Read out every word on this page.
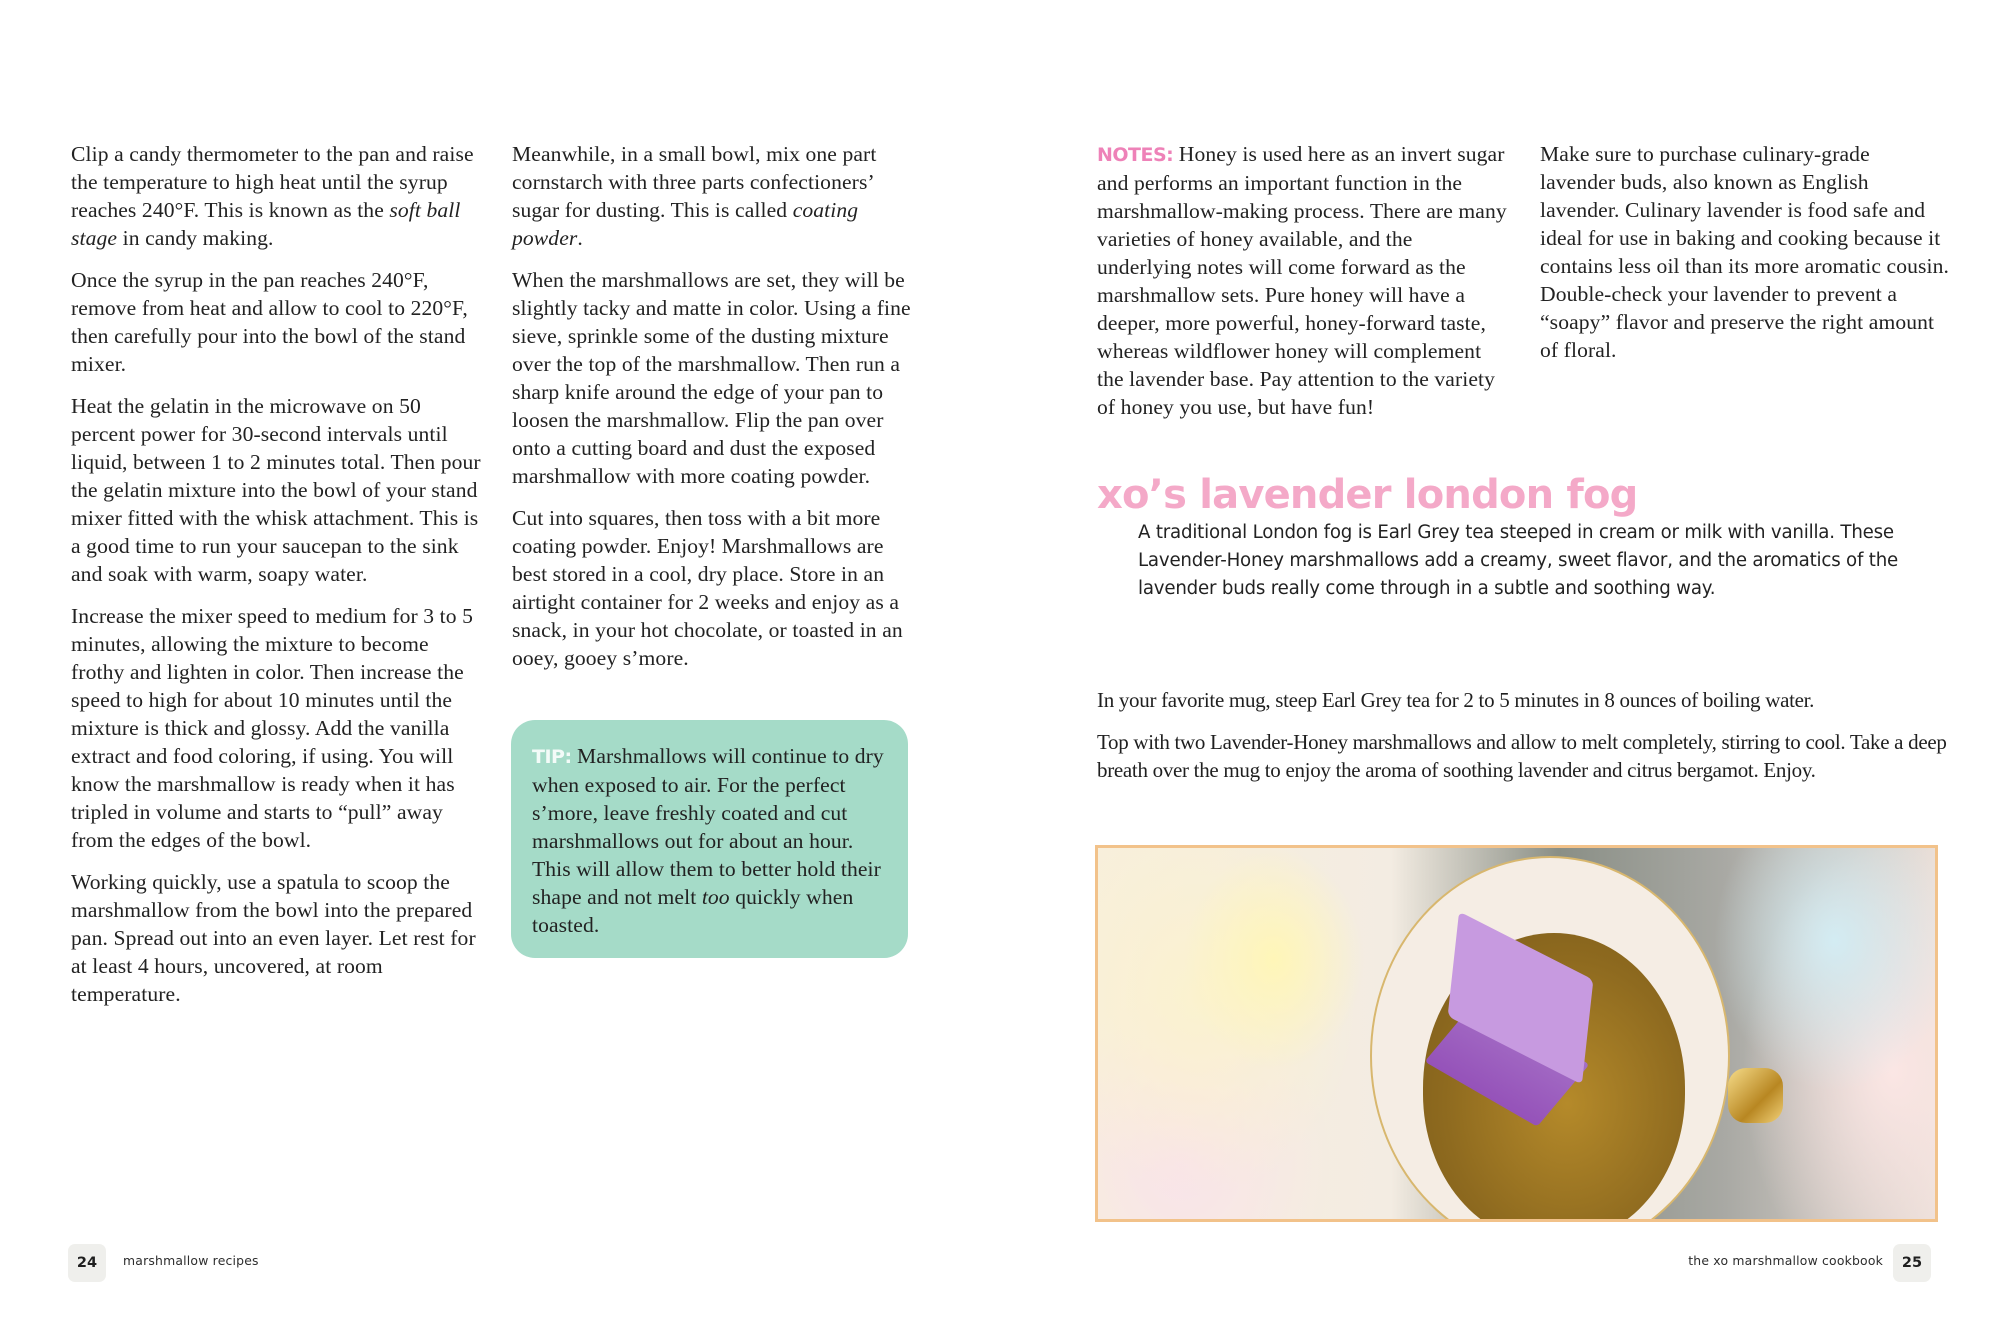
Clip a candy thermometer to the pan and raise the temperature to high heat until the syrup reaches 240°F. This is known as the soft ball stage in candy making.

Once the syrup in the pan reaches 240°F, remove from heat and allow to cool to 220°F, then carefully pour into the bowl of the stand mixer.

Heat the gelatin in the microwave on 50 percent power for 30-second intervals until liquid, between 1 to 2 minutes total. Then pour the gelatin mixture into the bowl of your stand mixer fitted with the whisk attachment. This is a good time to run your saucepan to the sink and soak with warm, soapy water.

Increase the mixer speed to medium for 3 to 5 minutes, allowing the mixture to become frothy and lighten in color. Then increase the speed to high for about 10 minutes until the mixture is thick and glossy. Add the vanilla extract and food coloring, if using. You will know the marshmallow is ready when it has tripled in volume and starts to “pull” away from the edges of the bowl.

Working quickly, use a spatula to scoop the marshmallow from the bowl into the prepared pan. Spread out into an even layer. Let rest for at least 4 hours, uncovered, at room temperature.

Meanwhile, in a small bowl, mix one part cornstarch with three parts confectioners’ sugar for dusting. This is called coating powder.

When the marshmallows are set, they will be slightly tacky and matte in color. Using a fine sieve, sprinkle some of the dusting mixture over the top of the marshmallow. Then run a sharp knife around the edge of your pan to loosen the marshmallow. Flip the pan over onto a cutting board and dust the exposed marshmallow with more coating powder.

Cut into squares, then toss with a bit more coating powder. Enjoy! Marshmallows are best stored in a cool, dry place. Store in an airtight container for 2 weeks and enjoy as a snack, in your hot chocolate, or toasted in an ooey, gooey s’more.

TIP: Marshmallows will continue to dry when exposed to air. For the perfect s’more, leave freshly coated and cut marshmallows out for about an hour. This will allow them to better hold their shape and not melt too quickly when toasted.
24	marshmallow recipes

NOTES: Honey is used here as an invert sugar and performs an important function in the marshmallow-making process. There are many varieties of honey available, and the underlying notes will come forward as the marshmallow sets. Pure honey will have a deeper, more powerful, honey-forward taste, whereas wildflower honey will complement the lavender base. Pay attention to the variety of honey you use, but have fun!

Make sure to purchase culinary-grade lavender buds, also known as English lavender. Culinary lavender is food safe and ideal for use in baking and cooking because it contains less oil than its more aromatic cousin. Double-check your lavender to prevent a “soapy” flavor and preserve the right amount of floral.

xo’s lavender london fog

A traditional London fog is Earl Grey tea steeped in cream or milk with vanilla. These Lavender-Honey marshmallows add a creamy, sweet flavor, and the aromatics of the lavender buds really come through in a subtle and soothing way.

In your favorite mug, steep Earl Grey tea for 2 to 5 minutes in 8 ounces of boiling water.

Top with two Lavender-Honey marshmallows and allow to melt completely, stirring to cool. Take a deep breath over the mug to enjoy the aroma of soothing lavender and citrus bergamot. Enjoy.

the xo marshmallow cookbook	25
